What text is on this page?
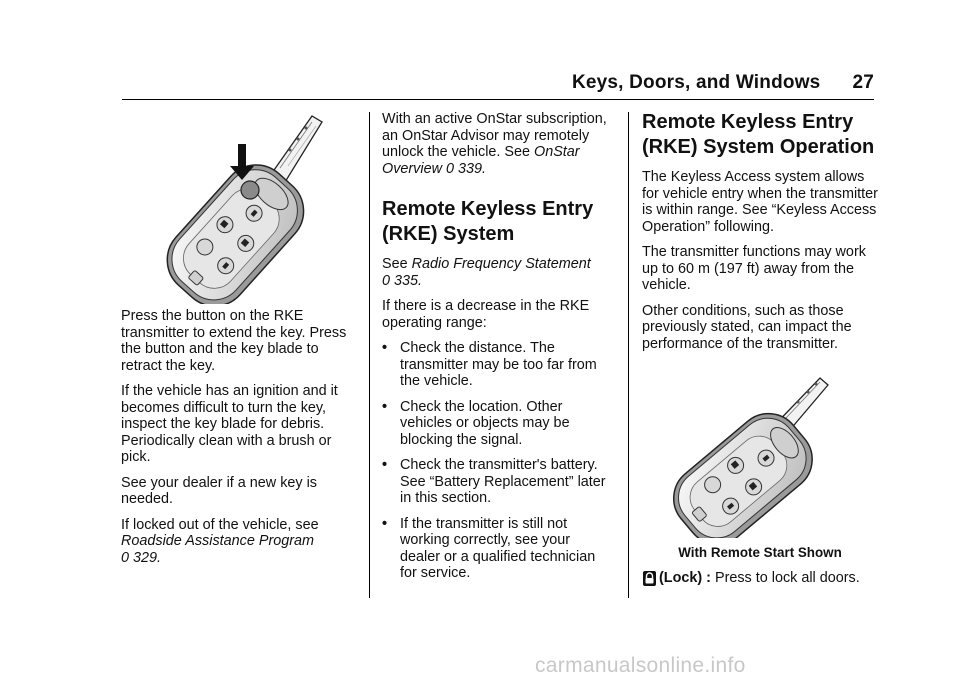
Keys, Doors, and Windows 27

Press the button on the RKE transmitter to extend the key. Press the button and the key blade to retract the key.

If the vehicle has an ignition and it becomes difficult to turn the key, inspect the key blade for debris. Periodically clean with a brush or pick.

See your dealer if a new key is needed.

If locked out of the vehicle, see Roadside Assistance Program
0 329.

With an active OnStar subscription, an OnStar Advisor may remotely unlock the vehicle. See OnStar Overview 0 339.

Remote Keyless Entry (RKE) System

See Radio Frequency Statement
0 335.

If there is a decrease in the RKE operating range:

• Check the distance. The transmitter may be too far from the vehicle.
• Check the location. Other vehicles or objects may be blocking the signal.
• Check the transmitter's battery. See “Battery Replacement” later in this section.
• If the transmitter is still not working correctly, see your dealer or a qualified technician for service.
Remote Keyless Entry (RKE) System Operation

The Keyless Access system allows for vehicle entry when the transmitter is within range. See “Keyless Access Operation” following.

The transmitter functions may work up to 60 m (197 ft) away from the vehicle.

Other conditions, such as those previously stated, can impact the performance of the transmitter.

With Remote Start Shown
(Lock) : Press to lock all doors.
carmanualsonline.info
